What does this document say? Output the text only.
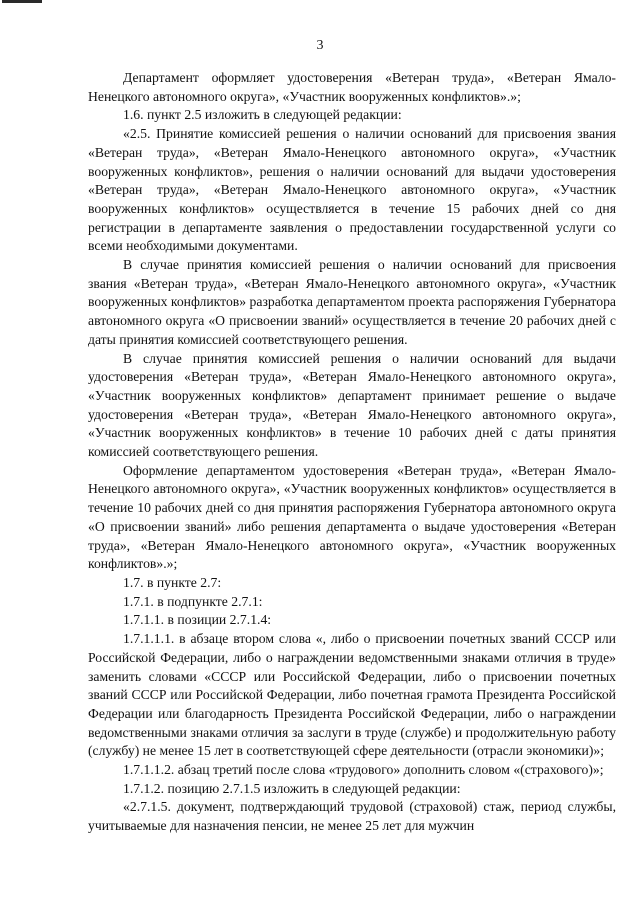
3

Департамент оформляет удостоверения «Ветеран труда», «Ветеран Ямало-Ненецкого автономного округа», «Участник вооруженных конфликтов».»;

1.6. пункт 2.5 изложить в следующей редакции:

«2.5. Принятие комиссией решения о наличии оснований для присвоения звания «Ветеран труда», «Ветеран Ямало-Ненецкого автономного округа», «Участник вооруженных конфликтов», решения о наличии оснований для выдачи удостоверения «Ветеран труда», «Ветеран Ямало-Ненецкого автономного округа», «Участник вооруженных конфликтов» осуществляется в течение 15 рабочих дней со дня регистрации в департаменте заявления о предоставлении государственной услуги со всеми необходимыми документами.

В случае принятия комиссией решения о наличии оснований для присвоения звания «Ветеран труда», «Ветеран Ямало-Ненецкого автономного округа», «Участник вооруженных конфликтов» разработка департаментом проекта распоряжения Губернатора автономного округа «О присвоении званий» осуществляется в течение 20 рабочих дней с даты принятия комиссией соответствующего решения.

В случае принятия комиссией решения о наличии оснований для выдачи удостоверения «Ветеран труда», «Ветеран Ямало-Ненецкого автономного округа», «Участник вооруженных конфликтов» департамент принимает решение о выдаче удостоверения «Ветеран труда», «Ветеран Ямало-Ненецкого автономного округа», «Участник вооруженных конфликтов» в течение 10 рабочих дней с даты принятия комиссией соответствующего решения.

Оформление департаментом удостоверения «Ветеран труда», «Ветеран Ямало-Ненецкого автономного округа», «Участник вооруженных конфликтов» осуществляется в течение 10 рабочих дней со дня принятия распоряжения Губернатора автономного округа «О присвоении званий» либо решения департамента о выдаче удостоверения «Ветеран труда», «Ветеран Ямало-Ненецкого автономного округа», «Участник вооруженных конфликтов».»;

1.7. в пункте 2.7:

1.7.1. в подпункте 2.7.1:

1.7.1.1. в позиции 2.7.1.4:

1.7.1.1.1. в абзаце втором слова «, либо о присвоении почетных званий СССР или Российской Федерации, либо о награждении ведомственными знаками отличия в труде» заменить словами «СССР или Российской Федерации, либо о присвоении почетных званий СССР или Российской Федерации, либо почетная грамота Президента Российской Федерации или благодарность Президента Российской Федерации, либо о награждении ведомственными знаками отличия за заслуги в труде (службе) и продолжительную работу (службу) не менее 15 лет в соответствующей сфере деятельности (отрасли экономики)»;

1.7.1.1.2. абзац третий после слова «трудового» дополнить словом «(страхового)»;

1.7.1.2. позицию 2.7.1.5 изложить в следующей редакции:

«2.7.1.5. документ, подтверждающий трудовой (страховой) стаж, период службы, учитываемые для назначения пенсии, не менее 25 лет для мужчин
